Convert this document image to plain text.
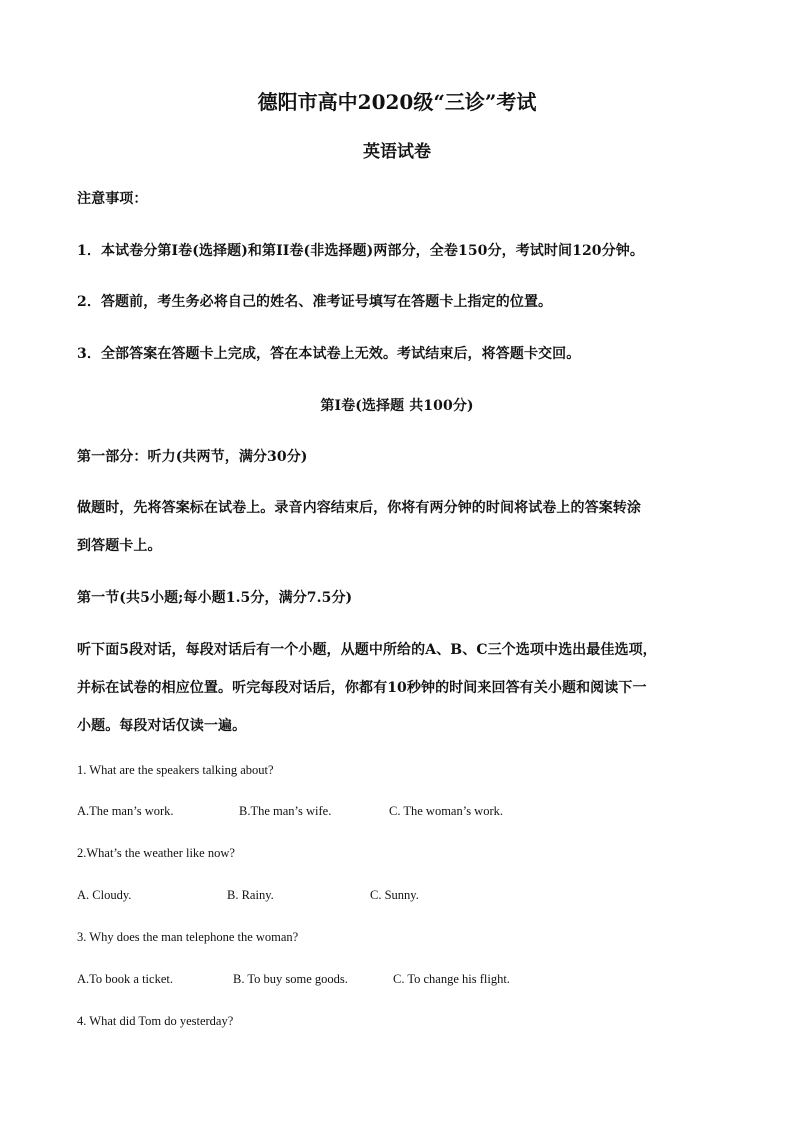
德阳市高中2020级“三诊”考试
英语试卷
注意事项：
1．本试卷分第I卷(选择题)和第II卷(非选择题)两部分，全卷150分，考试时间120分钟。
2．答题前，考生务必将自己的姓名、准考证号填写在答题卡上指定的位置。
3．全部答案在答题卡上完成，答在本试卷上无效。考试结束后，将答题卡交回。
第I卷(选择题 共100分)
第一部分：听力(共两节，满分30分)
做题时，先将答案标在试卷上。录音内容结束后，你将有两分钟的时间将试卷上的答案转涂
到答题卡上。
第一节(共5小题;每小题1.5分，满分7.5分)
听下面5段对话，每段对话后有一个小题，从题中所给的A、B、C三个选项中选出最佳选项，
并标在试卷的相应位置。听完每段对话后，你都有10秒钟的时间来回答有关小题和阅读下一
小题。每段对话仅读一遍。
1. What are the speakers talking about?
A.The man’s work.	B.The man’s wife.	C. The woman’s work.
2.What’s the weather like now?
A. Cloudy.	B. Rainy.	C. Sunny.
3. Why does the man telephone the woman?
A.To book a ticket.	B. To buy some goods.	C. To change his flight.
4. What did Tom do yesterday?
